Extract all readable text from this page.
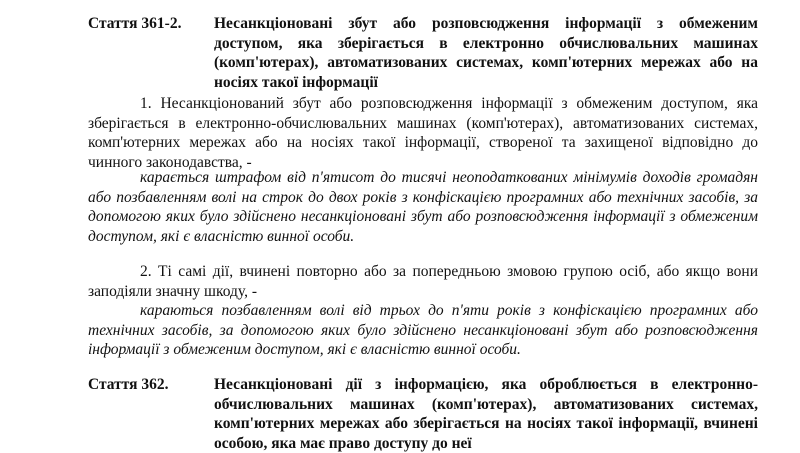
Стаття 361-2.	Несанкціоновані збут або розповсюдження інформації з обмеженим доступом, яка зберігається в електронно обчислювальних машинах (комп'ютерах), автоматизованих системах, комп'ютерних мережах або на носіях такої інформації
1. Несанкціонований збут або розповсюдження інформації з обмеженим доступом, яка зберігається в електронно-обчислювальних машинах (комп'ютерах), автоматизованих системах, комп'ютерних мережах або на носіях такої інформації, створеної та захищеної відповідно до чинного законодавства, -
карається штрафом від п'ятисот до тисячі неоподаткованих мінімумів доходів громадян або позбавленням волі на строк до двох років з конфіскацією програмних або технічних засобів, за допомогою яких було здійснено несанкціоновані збут або розповсюдження інформації з обмеженим доступом, які є власністю винної особи.
2. Ті самі дії, вчинені повторно або за попередньою змовою групою осіб, або якщо вони заподіяли значну шкоду, -
караються позбавленням волі від трьох до п'яти років з конфіскацією програмних або технічних засобів, за допомогою яких було здійснено несанкціоновані збут або розповсюдження інформації з обмеженим доступом, які є власністю винної особи.
Стаття 362.	Несанкціоновані дії з інформацією, яка оброблюється в електронно-обчислювальних машинах (комп'ютерах), автоматизованих системах, комп'ютерних мережах або зберігається на носіях такої інформації, вчинені особою, яка має право доступу до неї
